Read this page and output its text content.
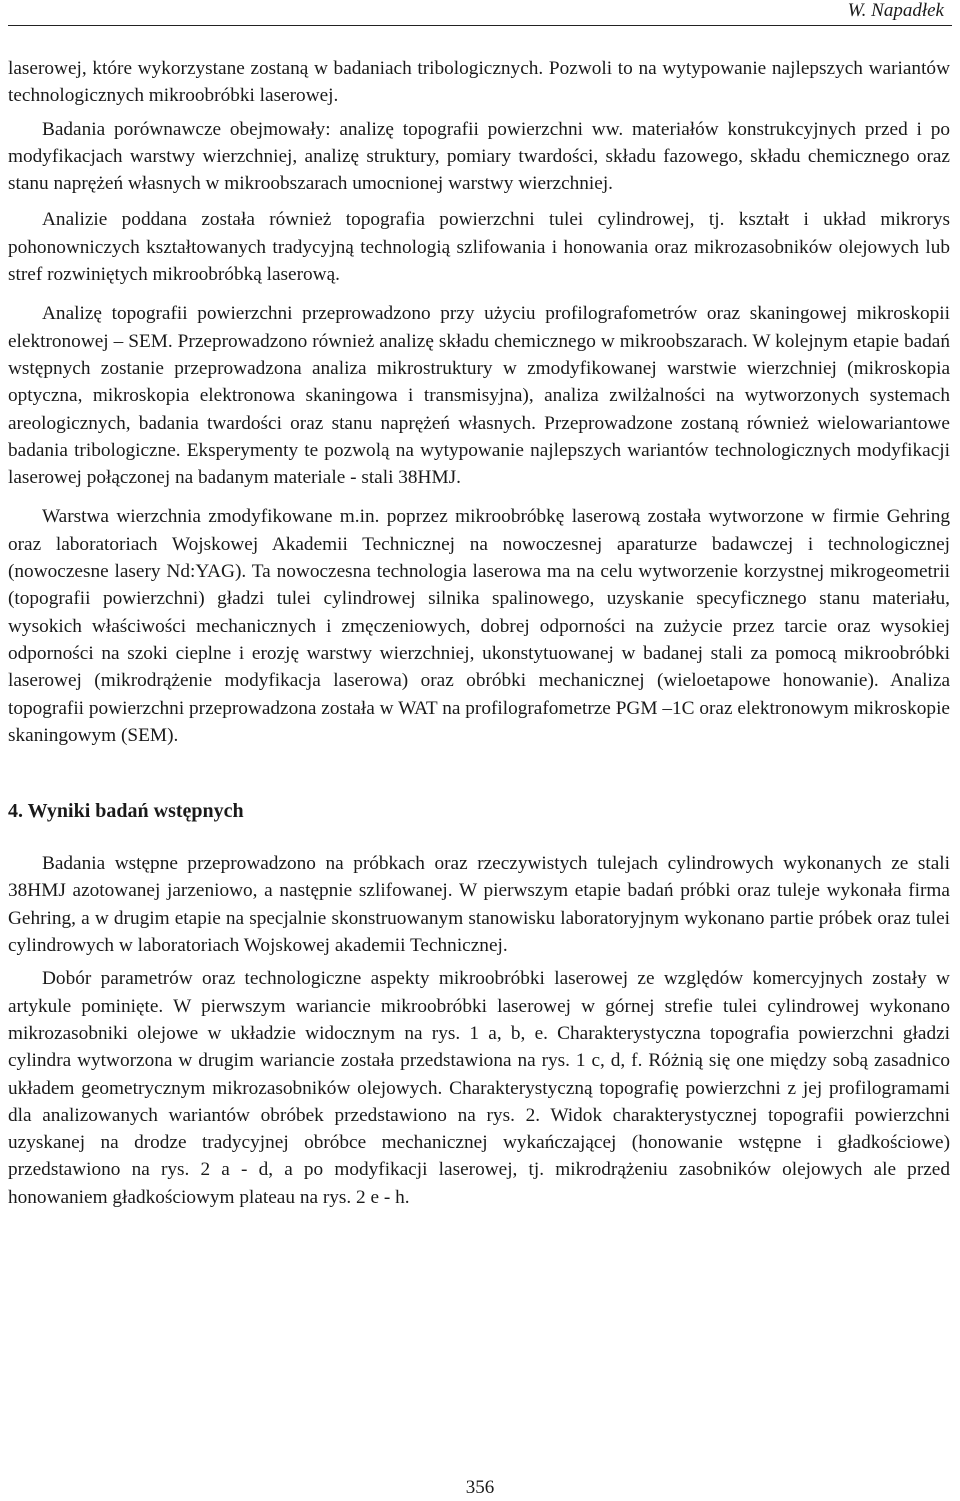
W. Napadłek

laserowej, które wykorzystane zostaną w badaniach tribologicznych. Pozwoli to na wytypowanie najlepszych wariantów technologicznych mikroobróbki laserowej.

Badania porównawcze obejmowały: analizę topografii powierzchni ww. materiałów konstrukcyjnych przed i po modyfikacjach warstwy wierzchniej, analizę struktury, pomiary twardości, składu fazowego, składu chemicznego oraz stanu naprężeń własnych w mikroobszarach umocnionej warstwy wierzchniej.

Analizie poddana została również topografia powierzchni tulei cylindrowej, tj. kształt i układ mikrorys pohonowniczych kształtowanych tradycyjną technologią szlifowania i honowania oraz mikrozasobników olejowych lub stref rozwiniętych mikroobróbką laserową.

Analizę topografii powierzchni przeprowadzono przy użyciu profilografometrów oraz skaningowej mikroskopii elektronowej – SEM. Przeprowadzono również analizę składu chemicznego w mikroobszarach. W kolejnym etapie badań wstępnych zostanie przeprowadzona analiza mikrostruktury w zmodyfikowanej warstwie wierzchniej (mikroskopia optyczna, mikroskopia elektronowa skaningowa i transmisyjna), analiza zwilżalności na wytworzonych systemach areologicznych, badania twardości oraz stanu naprężeń własnych. Przeprowadzone zostaną również wielowariantowe badania tribologiczne. Eksperymenty te pozwolą na wytypowanie najlepszych wariantów technologicznych modyfikacji laserowej połączonej na badanym materiale - stali 38HMJ.

Warstwa wierzchnia zmodyfikowane m.in. poprzez mikroobróbkę laserową została wytworzone w firmie Gehring oraz laboratoriach Wojskowej Akademii Technicznej na nowoczesnej aparaturze badawczej i technologicznej (nowoczesne lasery Nd:YAG). Ta nowoczesna technologia laserowa ma na celu wytworzenie korzystnej mikrogeometrii (topografii powierzchni) gładzi tulei cylindrowej silnika spalinowego, uzyskanie specyficznego stanu materiału, wysokich właściwości mechanicznych i zmęczeniowych, dobrej odporności na zużycie przez tarcie oraz wysokiej odporności na szoki cieplne i erozję warstwy wierzchniej, ukonstytuowanej w badanej stali za pomocą mikroobróbki laserowej (mikrodrążenie modyfikacja laserowa) oraz obróbki mechanicznej (wieloetapowe honowanie). Analiza topografii powierzchni przeprowadzona została w WAT na profilografometrze PGM –1C oraz elektronowym mikroskopie skaningowym (SEM).

4. Wyniki badań wstępnych

Badania wstępne przeprowadzono na próbkach oraz rzeczywistych tulejach cylindrowych wykonanych ze stali 38HMJ azotowanej jarzeniowo, a następnie szlifowanej. W pierwszym etapie badań próbki oraz tuleje wykonała firma Gehring, a w drugim etapie na specjalnie skonstruowanym stanowisku laboratoryjnym wykonano partie próbek oraz tulei cylindrowych w laboratoriach Wojskowej akademii Technicznej.

Dobór parametrów oraz technologiczne aspekty mikroobróbki laserowej ze względów komercyjnych zostały w artykule pominięte. W pierwszym wariancie mikroobróbki laserowej w górnej strefie tulei cylindrowej wykonano mikrozasobniki olejowe w układzie widocznym na rys. 1 a, b, e. Charakterystyczna topografia powierzchni gładzi cylindra wytworzona w drugim wariancie została przedstawiona na rys. 1 c, d, f. Różnią się one między sobą zasadnico układem geometrycznym mikrozasobników olejowych. Charakterystyczną topografię powierzchni z jej profilogramami dla analizowanych wariantów obróbek przedstawiono na rys. 2. Widok charakterystycznej topografii powierzchni uzyskanej na drodze tradycyjnej obróbce mechanicznej wykańczającej (honowanie wstępne i gładkościowe) przedstawiono na rys. 2 a - d, a po modyfikacji laserowej, tj. mikrodrążeniu zasobników olejowych ale przed honowaniem gładkościowym plateau na rys. 2 e - h.

356
